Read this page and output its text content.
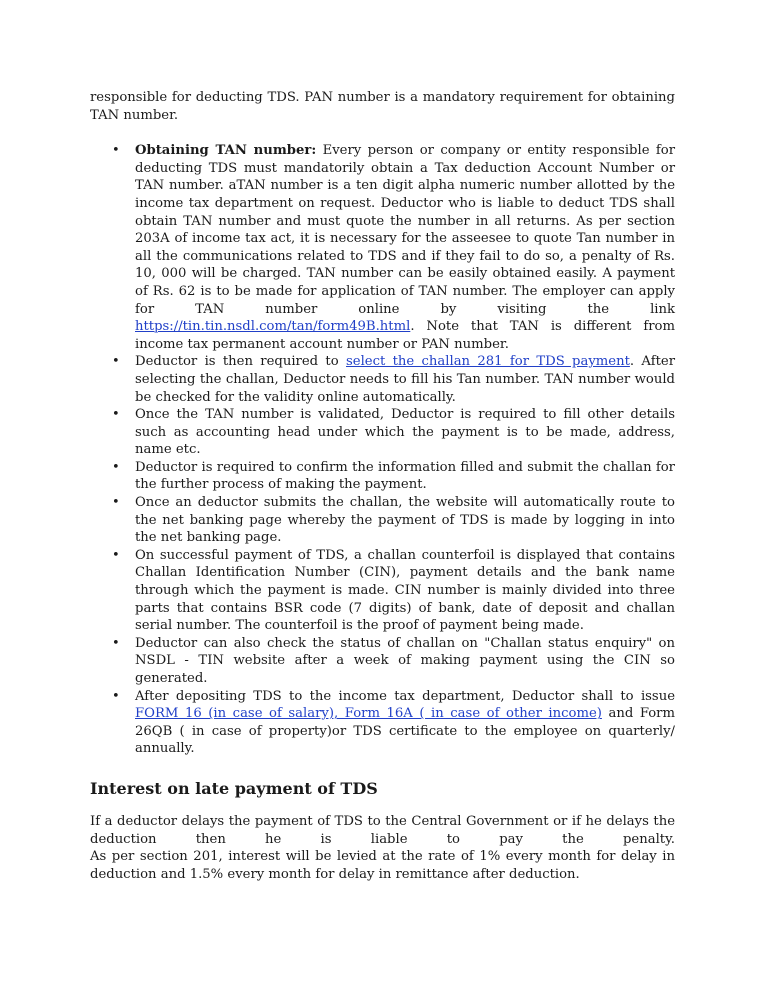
responsible for deducting TDS. PAN number is a mandatory requirement for obtaining TAN number.

• Obtaining TAN number: Every person or company or entity responsible for deducting TDS must mandatorily obtain a Tax deduction Account Number or TAN number. aTAN number is a ten digit alpha numeric number allotted by the income tax department on request. Deductor who is liable to deduct TDS shall obtain TAN number and must quote the number in all returns. As per section 203A of income tax act, it is necessary for the asseesee to quote Tan number in all the communications related to TDS and if they fail to do so, a penalty of Rs. 10, 000 will be charged. TAN number can be easily obtained easily. A payment of Rs. 62 is to be made for application of TAN number. The employer can apply for TAN number online by visiting the link https://tin.tin.nsdl.com/tan/form49B.html. Note that TAN is different from income tax permanent account number or PAN number.
• Deductor is then required to select the challan 281 for TDS payment. After selecting the challan, Deductor needs to fill his Tan number. TAN number would be checked for the validity online automatically.
• Once the TAN number is validated, Deductor is required to fill other details such as accounting head under which the payment is to be made, address, name etc.
• Deductor is required to confirm the information filled and submit the challan for the further process of making the payment.
• Once an deductor submits the challan, the website will automatically route to the net banking page whereby the payment of TDS is made by logging in into the net banking page.
• On successful payment of TDS, a challan counterfoil is displayed that contains Challan Identification Number (CIN), payment details and the bank name through which the payment is made. CIN number is mainly divided into three parts that contains BSR code (7 digits) of bank, date of deposit and challan serial number. The counterfoil is the proof of payment being made.
• Deductor can also check the status of challan on "Challan status enquiry" on NSDL - TIN website after a week of making payment using the CIN so generated.
• After depositing TDS to the income tax department, Deductor shall to issue FORM 16 (in case of salary), Form 16A ( in case of other income) and Form 26QB ( in case of property)or TDS certificate to the employee on quarterly/ annually.
Interest on late payment of TDS

If a deductor delays the payment of TDS to the Central Government or if he delays the deduction then he is liable to pay the penalty.

As per section 201, interest will be levied at the rate of 1% every month for delay in deduction and 1.5% every month for delay in remittance after deduction.
